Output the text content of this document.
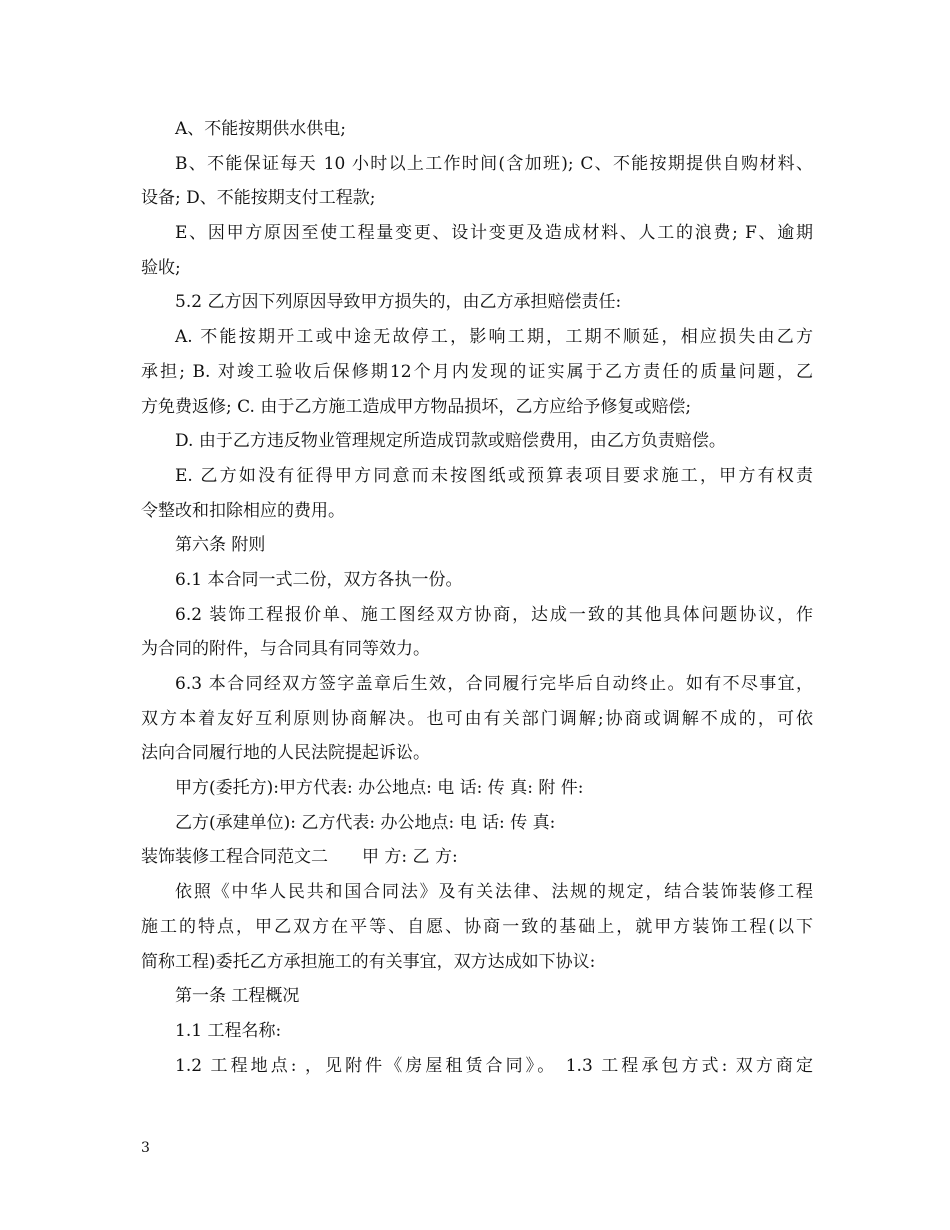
A、不能按期供水供电;
B、不能保证每天 10 小时以上工作时间(含加班); C、不能按期提供自购材料、
设备; D、不能按期支付工程款;
E、因甲方原因至使工程量变更、设计变更及造成材料、人工的浪费; F、逾期
验收;
5.2 乙方因下列原因导致甲方损失的，由乙方承担赔偿责任:
A. 不能按期开工或中途无故停工，影响工期，工期不顺延，相应损失由乙方
承担; B. 对竣工验收后保修期12个月内发现的证实属于乙方责任的质量问题，乙
方免费返修; C. 由于乙方施工造成甲方物品损坏，乙方应给予修复或赔偿;
D. 由于乙方违反物业管理规定所造成罚款或赔偿费用，由乙方负责赔偿。
E. 乙方如没有征得甲方同意而未按图纸或预算表项目要求施工，甲方有权责
令整改和扣除相应的费用。
第六条 附则
6.1 本合同一式二份，双方各执一份。
6.2 装饰工程报价单、施工图经双方协商，达成一致的其他具体问题协议，作
为合同的附件，与合同具有同等效力。
6.3 本合同经双方签字盖章后生效，合同履行完毕后自动终止。如有不尽事宜，
双方本着友好互利原则协商解决。也可由有关部门调解;协商或调解不成的，可依
法向合同履行地的人民法院提起诉讼。
甲方(委托方):甲方代表: 办公地点: 电 话: 传 真: 附 件:
乙方(承建单位): 乙方代表: 办公地点: 电 话: 传 真:
装饰装修工程合同范文二　　甲 方: 乙 方:
依照《中华人民共和国合同法》及有关法律、法规的规定，结合装饰装修工程
施工的特点，甲乙双方在平等、自愿、协商一致的基础上，就甲方装饰工程(以下
简称工程)委托乙方承担施工的有关事宜，双方达成如下协议:
第一条 工程概况
1.1 工程名称:
1.2 工程地点: ，见附件《房屋租赁合同》。 1.3 工程承包方式: 双方商定
3
